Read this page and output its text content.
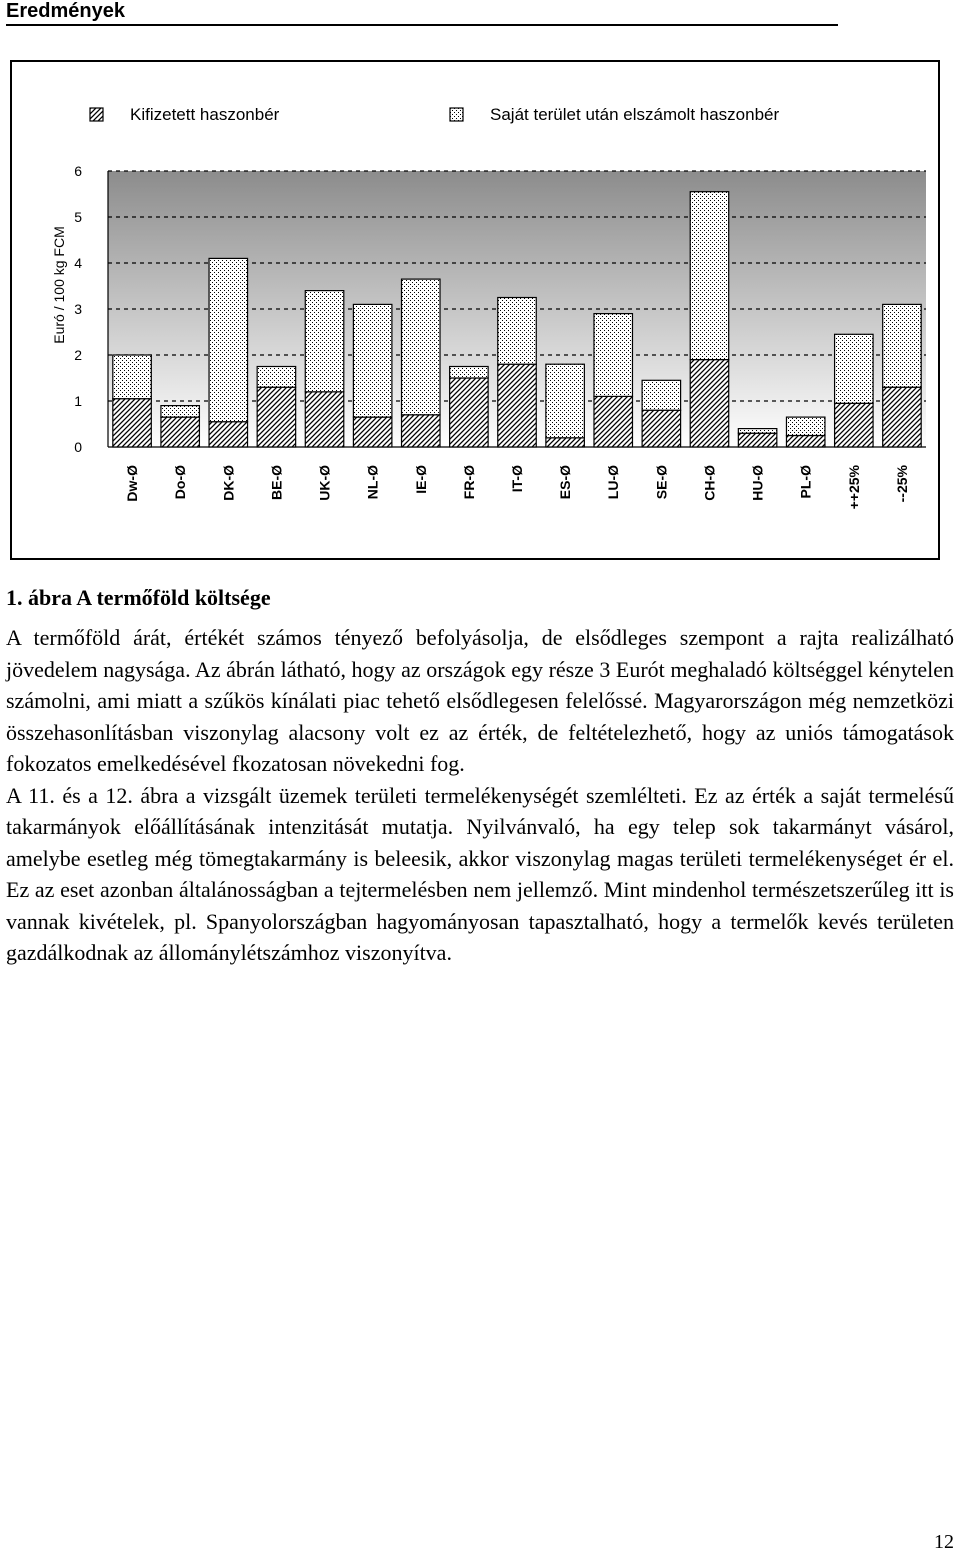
Eredmények
Kifizetett haszonbér	Saját terület után elszámolt haszonbér
0
1
2
3
4
5
6
Euró / 100 kg FCM
Dw-Ø Do-Ø DK-Ø BE-Ø UK-Ø NL-Ø IE-Ø FR-Ø IT-Ø ES-Ø LU-Ø SE-Ø CH-Ø HU-Ø PL-Ø ++25% --25%
1. ábra A termőföld költsége

A termőföld árát, értékét számos tényező befolyásolja, de elsődleges szempont a rajta realizálható jövedelem nagysága. Az ábrán látható, hogy az országok egy része 3 Eurót meghaladó költséggel kénytelen számolni, ami miatt a szűkös kínálati piac tehető elsődlegesen felelőssé. Magyarországon még nemzetközi összehasonlításban viszonylag alacsony volt ez az érték, de feltételezhető, hogy az uniós támogatások fokozatos emelkedésével fkozatosan növekedni fog.

A 11. és a 12. ábra a vizsgált üzemek területi termelékenységét szemlélteti. Ez az érték a saját termelésű takarmányok előállításának intenzitását mutatja. Nyilvánvaló, ha egy telep sok takarmányt vásárol, amelybe esetleg még tömegtakarmány is beleesik, akkor viszonylag magas területi termelékenységet ér el. Ez az eset azonban általánosságban a tejtermelésben nem jellemző. Mint mindenhol természetszerűleg itt is vannak kivételek, pl. Spanyolországban hagyományosan tapasztalható, hogy a termelők kevés területen gazdálkodnak az állománylétszámhoz viszonyítva.

12
